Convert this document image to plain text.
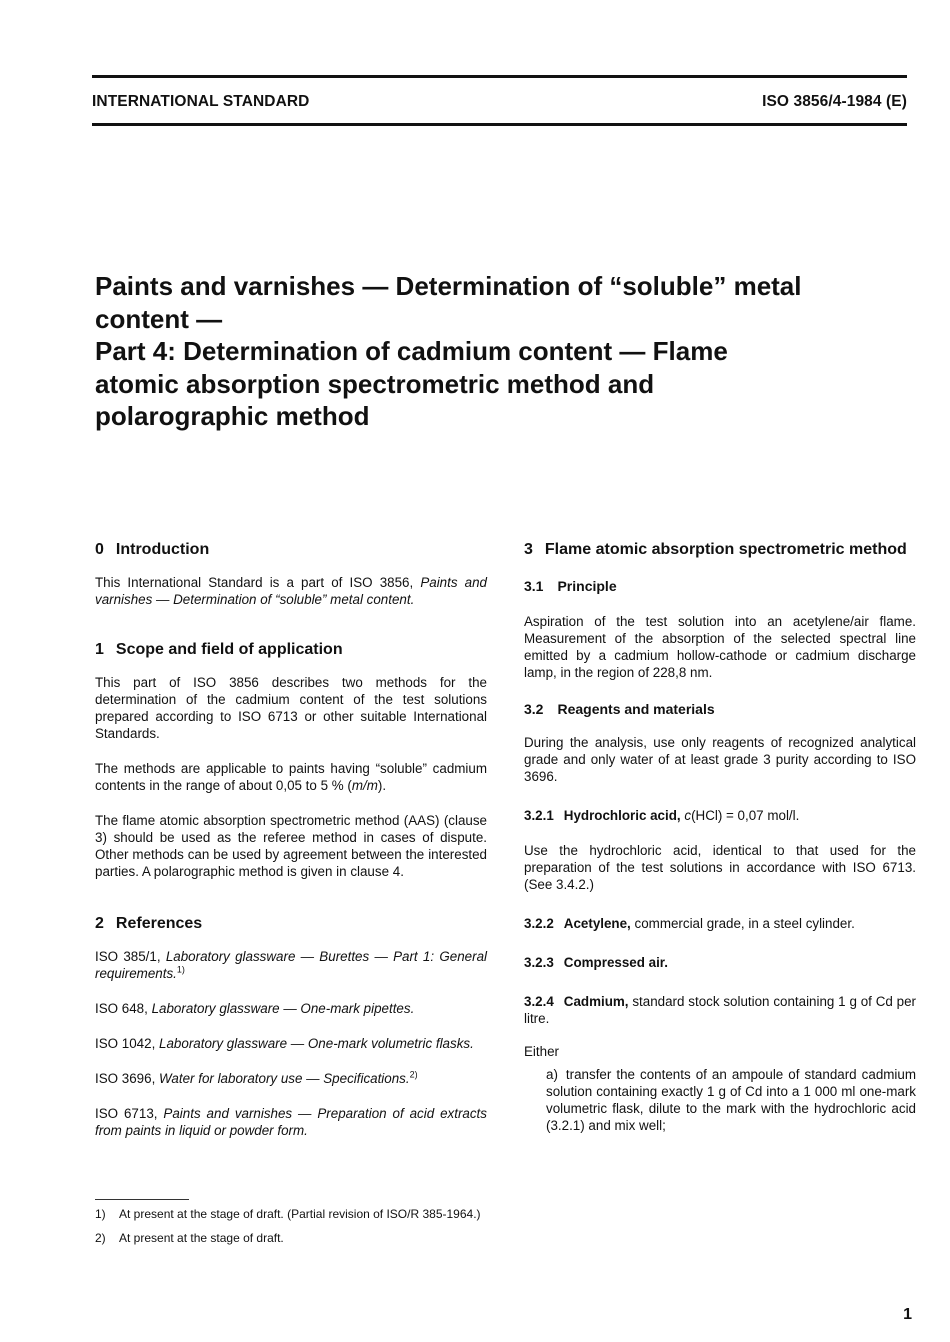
INTERNATIONAL STANDARD	ISO 3856/4-1984 (E)
Paints and varnishes — Determination of “soluble” metal
content —
Part 4: Determination of cadmium content — Flame
atomic absorption spectrometric method and
polarographic method
0 Introduction

This International Standard is a part of ISO 3856, Paints and varnishes — Determination of “soluble” metal content.

1 Scope and field of application

This part of ISO 3856 describes two methods for the determination of the cadmium content of the test solutions prepared according to ISO 6713 or other suitable International Standards.

The methods are applicable to paints having “soluble” cadmium contents in the range of about 0,05 to 5 % (m/m).

The flame atomic absorption spectrometric method (AAS) (clause 3) should be used as the referee method in cases of dispute. Other methods can be used by agreement between the interested parties. A polarographic method is given in clause 4.

2 References

ISO 385/1, Laboratory glassware — Burettes — Part 1: General requirements.$^{1)}$

ISO 648, Laboratory glassware — One-mark pipettes.

ISO 1042, Laboratory glassware — One-mark volumetric flasks.

ISO 3696, Water for laboratory use — Specifications.$^{2)}$

ISO 6713, Paints and varnishes — Preparation of acid extracts from paints in liquid or powder form.

3 Flame atomic absorption spectrometric method
3.1 Principle

Aspiration of the test solution into an acetylene/air flame. Measurement of the absorption of the selected spectral line emitted by a cadmium hollow-cathode or cadmium discharge lamp, in the region of 228,8 nm.

3.2 Reagents and materials

During the analysis, use only reagents of recognized analytical grade and only water of at least grade 3 purity according to ISO 3696.

3.2.1 Hydrochloric acid, c(HCl) = 0,07 mol/l.

Use the hydrochloric acid, identical to that used for the preparation of the test solutions in accordance with ISO 6713. (See 3.4.2.)

3.2.2 Acetylene, commercial grade, in a steel cylinder.

3.2.3 Compressed air.

3.2.4 Cadmium, standard stock solution containing 1 g of Cd per litre.

Either

a) transfer the contents of an ampoule of standard cadmium solution containing exactly 1 g of Cd into a 1 000 ml one-mark volumetric flask, dilute to the mark with the hydrochloric acid (3.2.1) and mix well;

1) At present at the stage of draft. (Partial revision of ISO/R 385-1964.)
2) At present at the stage of draft.
1
